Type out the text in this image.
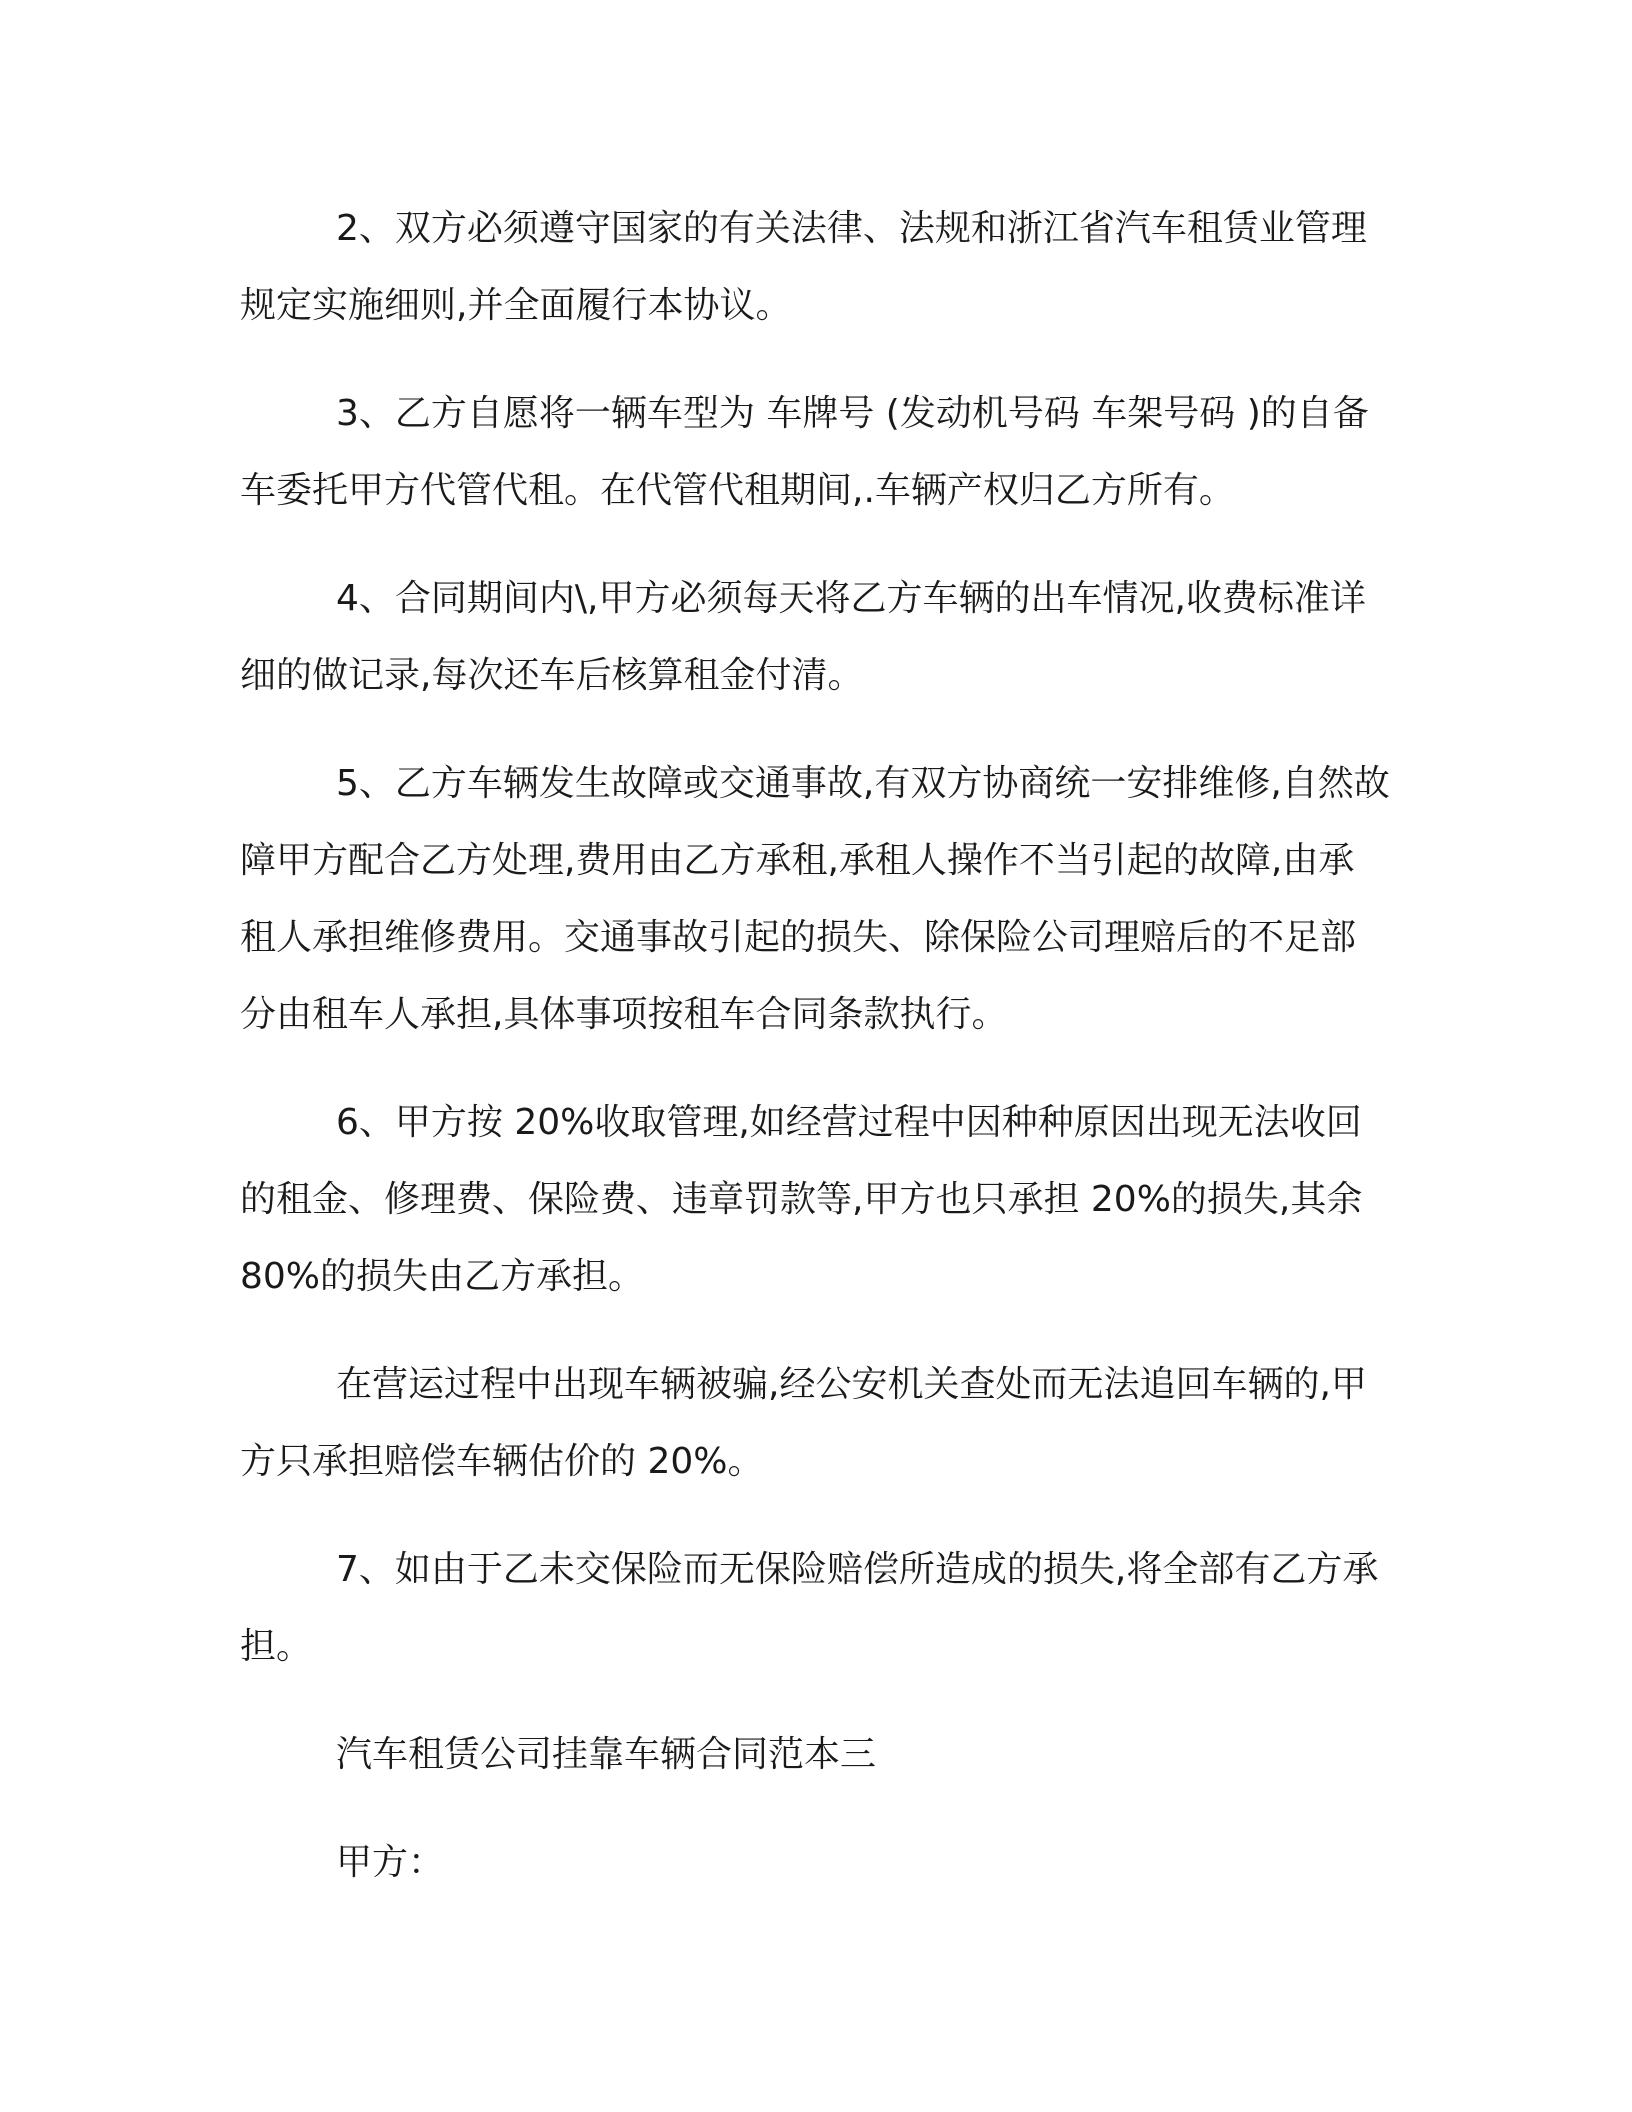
2、双方必须遵守国家的有关法律、法规和浙江省汽车租赁业管理规定实施细则,并全面履行本协议。

3、乙方自愿将一辆车型为 车牌号 (发动机号码 车架号码 )的自备车委托甲方代管代租。在代管代租期间,.车辆产权归乙方所有。

4、合同期间内\,甲方必须每天将乙方车辆的出车情况,收费标准详细的做记录,每次还车后核算租金付清。

5、乙方车辆发生故障或交通事故,有双方协商统一安排维修,自然故障甲方配合乙方处理,费用由乙方承租,承租人操作不当引起的故障,由承租人承担维修费用。交通事故引起的损失、除保险公司理赔后的不足部分由租车人承担,具体事项按租车合同条款执行。

6、甲方按 20%收取管理,如经营过程中因种种原因出现无法收回的租金、修理费、保险费、违章罚款等,甲方也只承担 20%的损失,其余 80%的损失由乙方承担。

在营运过程中出现车辆被骗,经公安机关查处而无法追回车辆的,甲方只承担赔偿车辆估价的 20%。

7、如由于乙未交保险而无保险赔偿所造成的损失,将全部有乙方承担。

汽车租赁公司挂靠车辆合同范本三

甲方：
